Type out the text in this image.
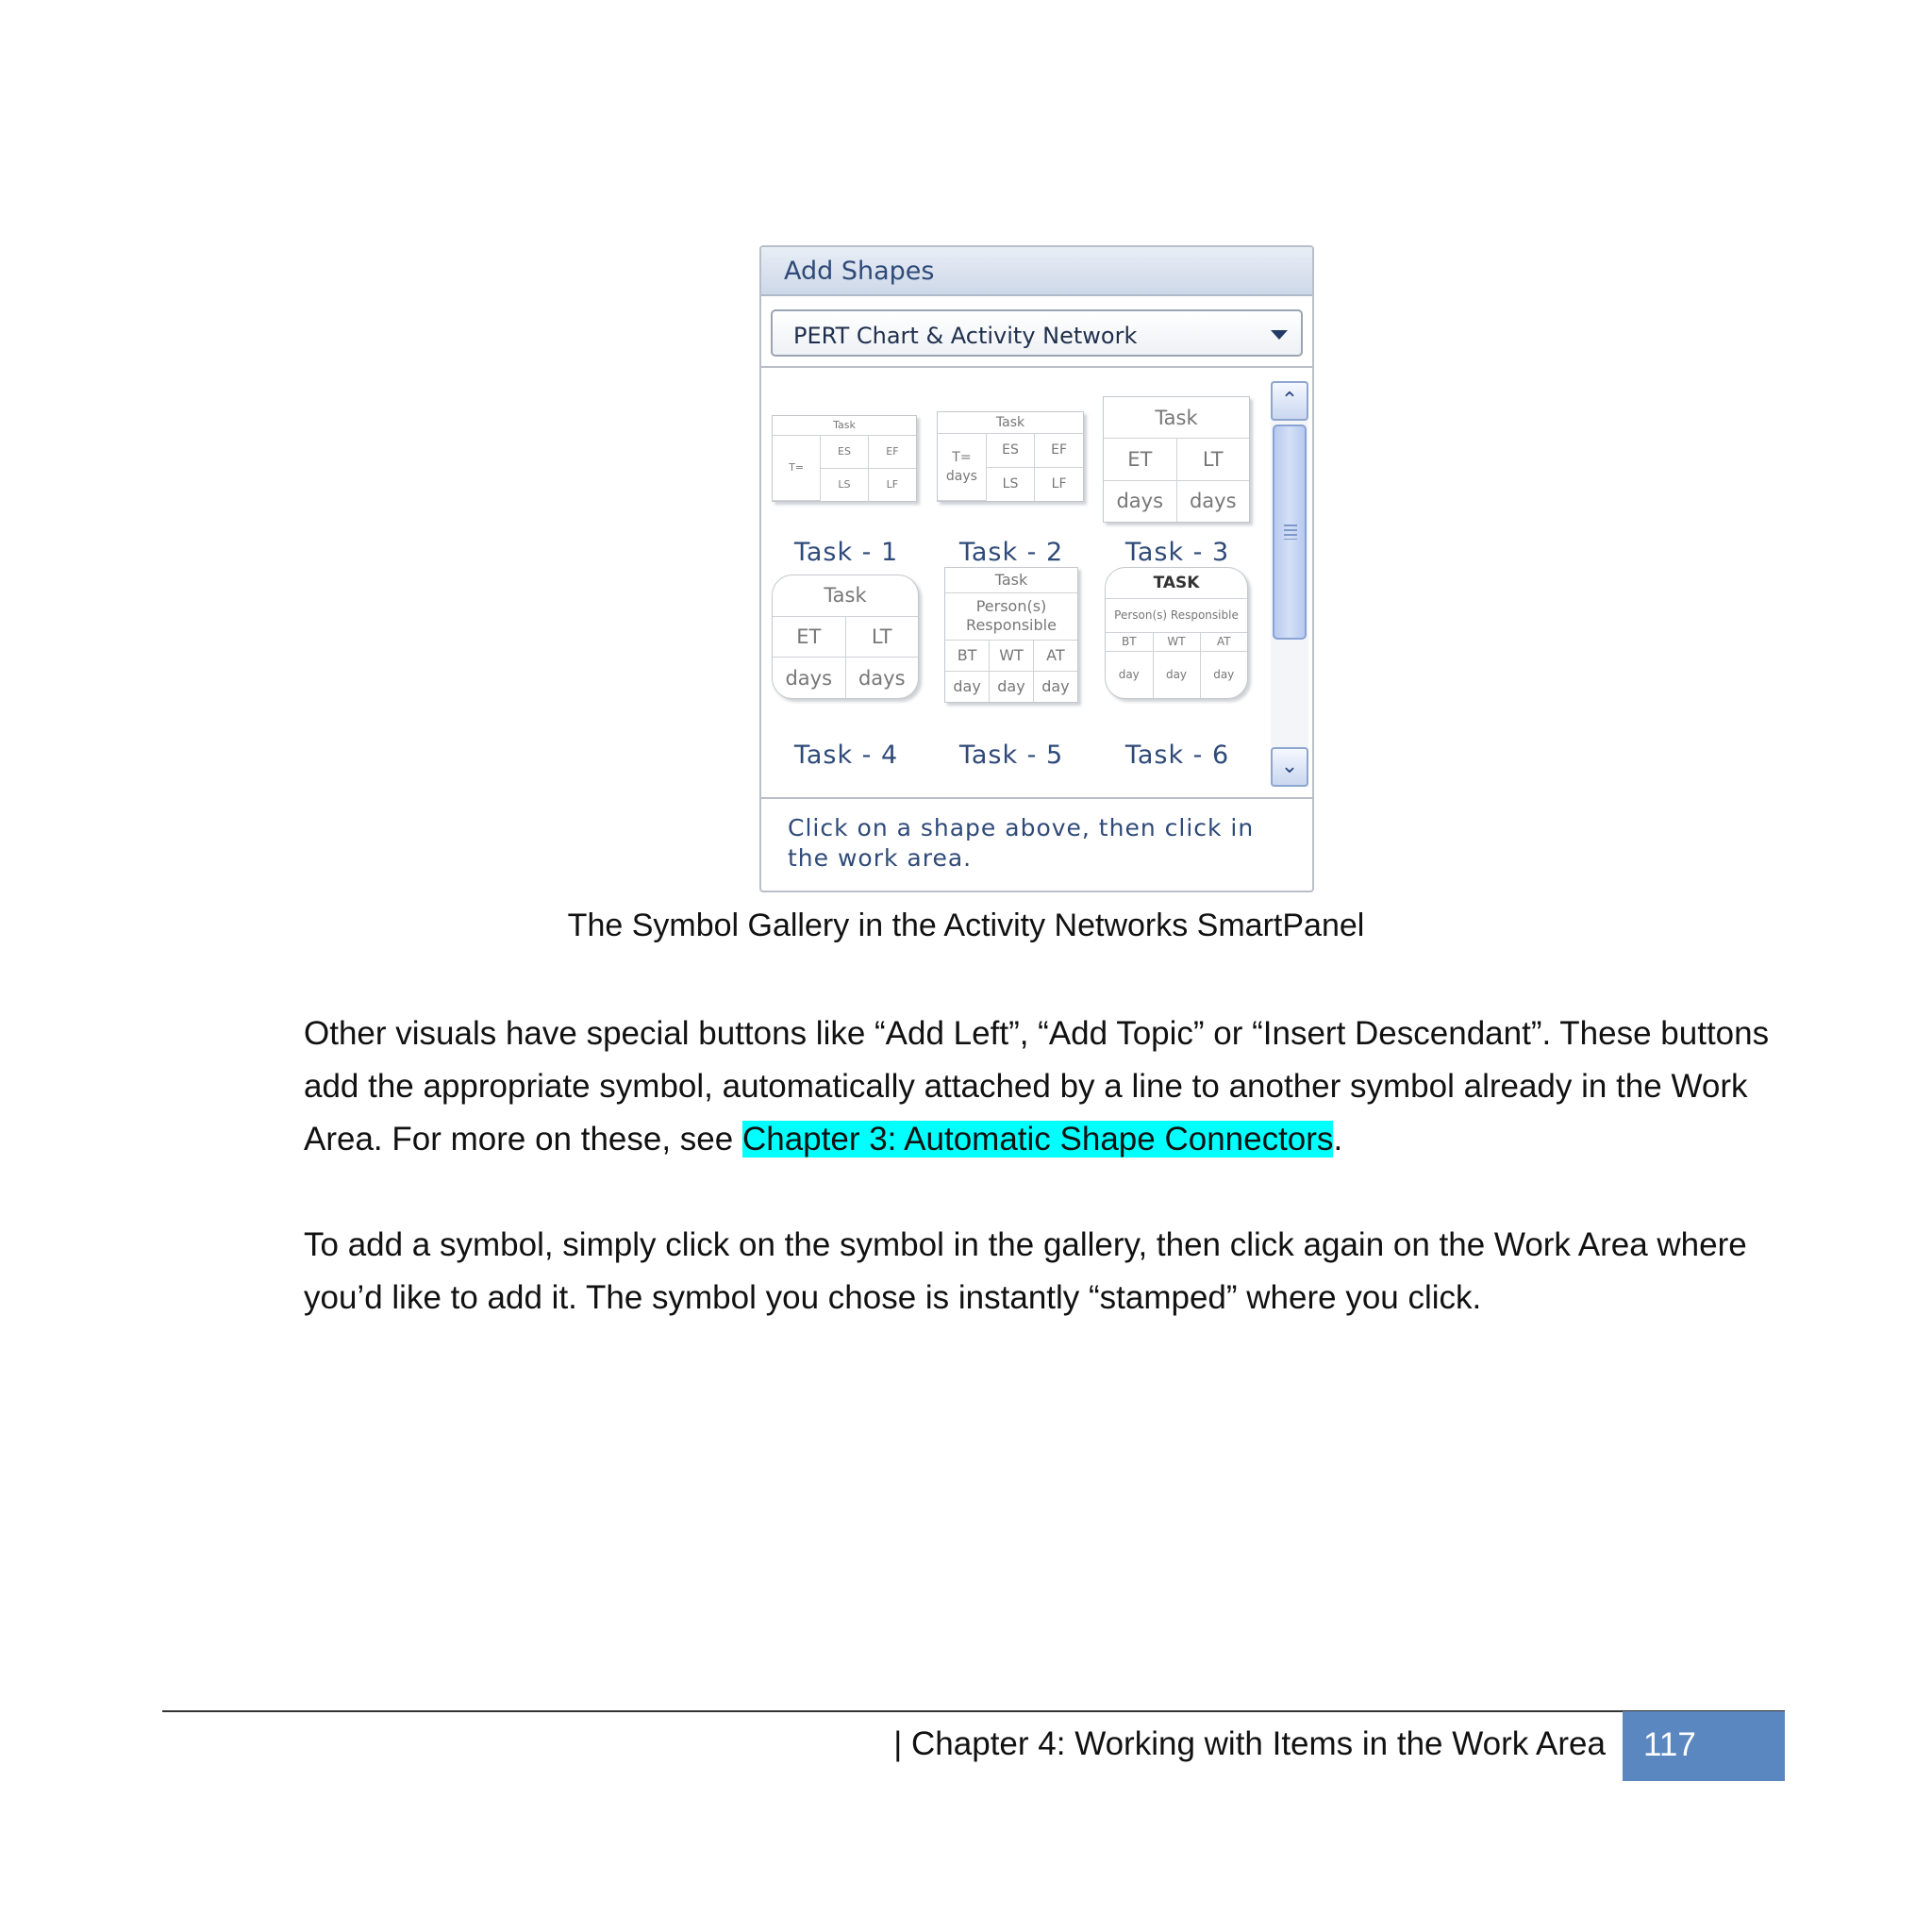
Add Shapes
PERT Chart & Activity Network
Task		
T=	ES	EF
	LS	LF
Task - 1
Task		
T=
days	ES	EF
	LS	LF
Task - 2
Task	
ET	LT
days	days
Task - 3
Task	
ET	LT
days	days
Task - 4
Task		
Person(s) Responsible		
BT	WT	AT
day	day	day
Task - 5
TASK		
Person(s) Responsible		
BT	WT	AT
day	day	day
Task - 6
⌃
⌄
Click on a shape above, then click in the work area.
The Symbol Gallery in the Activity Networks SmartPanel
Other visuals have special buttons like “Add Left”, “Add Topic” or “Insert Descendant”. These buttons add the appropriate symbol, automatically attached by a line to another symbol already in the Work Area. For more on these, see Chapter 3: Automatic Shape Connectors.
To add a symbol, simply click on the symbol in the gallery, then click again on the Work Area where you’d like to add it. The symbol you chose is instantly “stamped” where you click.
| Chapter 4: Working with Items in the Work Area	117
